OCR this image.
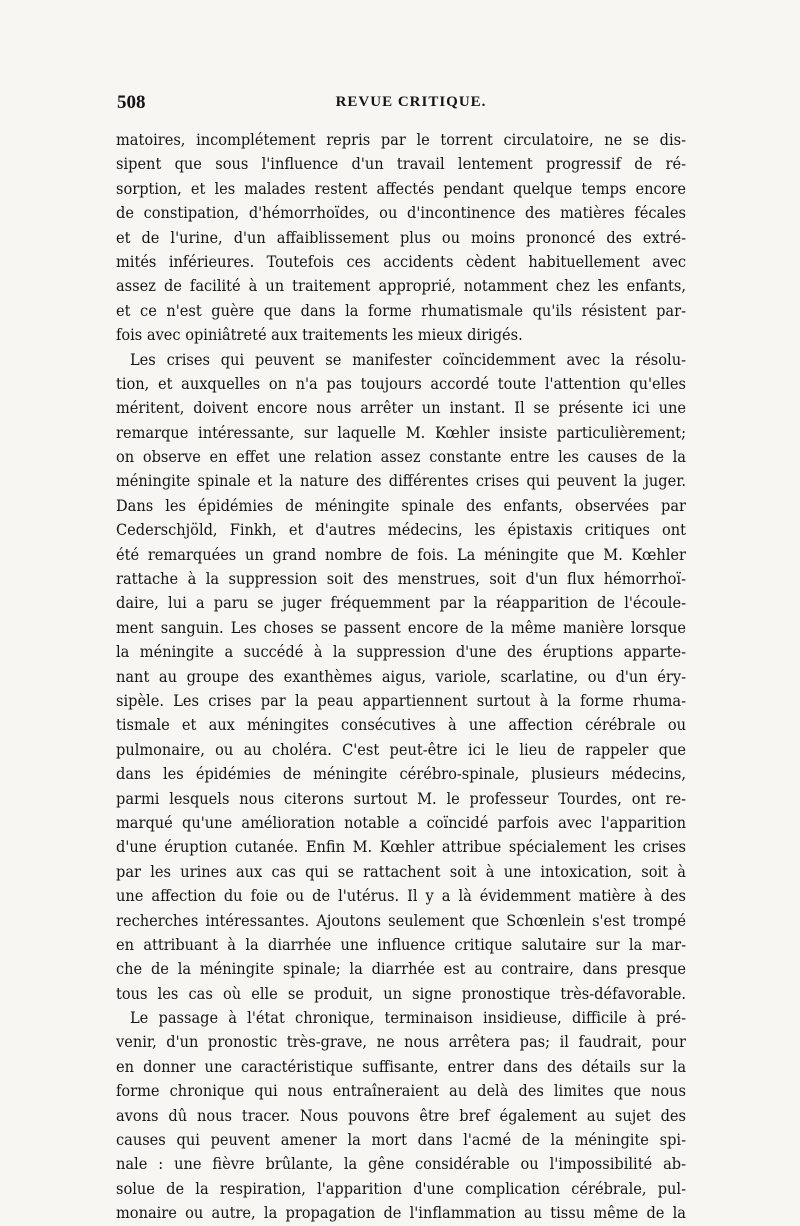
508	REVUE CRITIQUE.
matoires, incomplétement repris par le torrent circulatoire, ne se dis-
sipent que sous l'influence d'un travail lentement progressif de ré-
sorption, et les malades restent affectés pendant quelque temps encore
de constipation, d'hémorrhoïdes, ou d'incontinence des matières fécales
et de l'urine, d'un affaiblissement plus ou moins prononcé des extré-
mités inférieures. Toutefois ces accidents cèdent habituellement avec
assez de facilité à un traitement approprié, notamment chez les enfants,
et ce n'est guère que dans la forme rhumatismale qu'ils résistent par-
fois avec opiniâtreté aux traitements les mieux dirigés.
Les crises qui peuvent se manifester coïncidemment avec la résolu-
tion, et auxquelles on n'a pas toujours accordé toute l'attention qu'elles
méritent, doivent encore nous arrêter un instant. Il se présente ici une
remarque intéressante, sur laquelle M. Kœhler insiste particulièrement;
on observe en effet une relation assez constante entre les causes de la
méningite spinale et la nature des différentes crises qui peuvent la juger.
Dans les épidémies de méningite spinale des enfants, observées par
Cederschjöld, Finkh, et d'autres médecins, les épistaxis critiques ont
été remarquées un grand nombre de fois. La méningite que M. Kœhler
rattache à la suppression soit des menstrues, soit d'un flux hémorrhoï-
daire, lui a paru se juger fréquemment par la réapparition de l'écoule-
ment sanguin. Les choses se passent encore de la même manière lorsque
la méningite a succédé à la suppression d'une des éruptions apparte-
nant au groupe des exanthèmes aigus, variole, scarlatine, ou d'un éry-
sipèle. Les crises par la peau appartiennent surtout à la forme rhuma-
tismale et aux méningites consécutives à une affection cérébrale ou
pulmonaire, ou au choléra. C'est peut-être ici le lieu de rappeler que
dans les épidémies de méningite cérébro-spinale, plusieurs médecins,
parmi lesquels nous citerons surtout M. le professeur Tourdes, ont re-
marqué qu'une amélioration notable a coïncidé parfois avec l'apparition
d'une éruption cutanée. Enfin M. Kœhler attribue spécialement les crises
par les urines aux cas qui se rattachent soit à une intoxication, soit à
une affection du foie ou de l'utérus. Il y a là évidemment matière à des
recherches intéressantes. Ajoutons seulement que Schœnlein s'est trompé
en attribuant à la diarrhée une influence critique salutaire sur la mar-
che de la méningite spinale; la diarrhée est au contraire, dans presque
tous les cas où elle se produit, un signe pronostique très-défavorable.
Le passage à l'état chronique, terminaison insidieuse, difficile à pré-
venir, d'un pronostic très-grave, ne nous arrêtera pas; il faudrait, pour
en donner une caractéristique suffisante, entrer dans des détails sur la
forme chronique qui nous entraîneraient au delà des limites que nous
avons dû nous tracer. Nous pouvons être bref également au sujet des
causes qui peuvent amener la mort dans l'acmé de la méningite spi-
nale : une fièvre brûlante, la gêne considérable ou l'impossibilité ab-
solue de la respiration, l'apparition d'une complication cérébrale, pul-
monaire ou autre, la propagation de l'inflammation au tissu même de la
